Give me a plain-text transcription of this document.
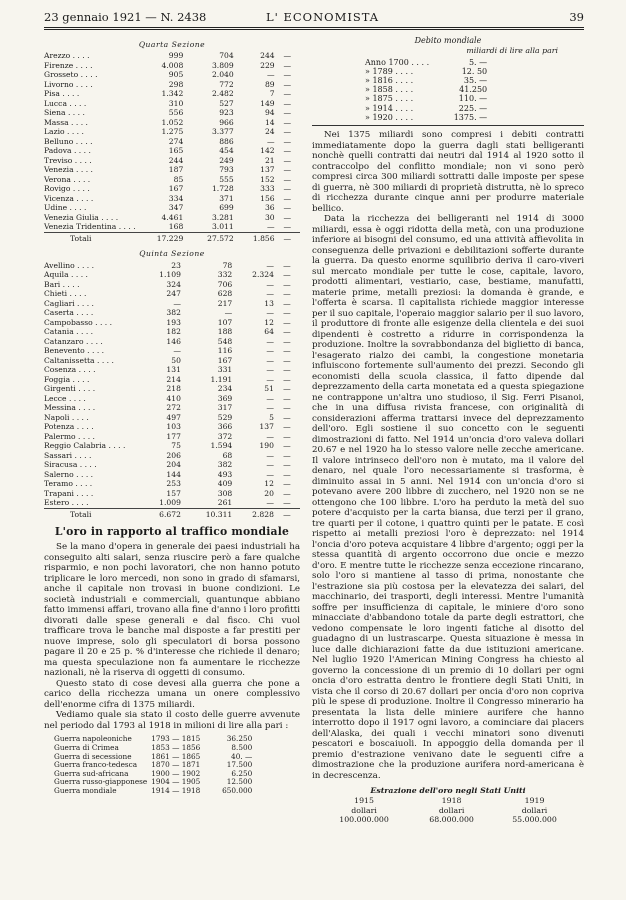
23 gennaio 1921 — N. 2438	L' ECONOMISTA	39
Quarta Sezione
Arezzo . . . .	999	704	244	—
Firenze . . . .	4.008	3.809	229	—
Grosseto . . . .	905	2.040	—	—
Livorno . . . .	298	772	89	—
Pisa . . . .	1.342	2.482	7	—
Lucca . . . .	310	527	149	—
Siena . . . .	556	923	94	—
Massa . . . .	1.052	966	14	—
Lazio . . . .	1.275	3.377	24	—
Belluno . . . .	274	886	—	—
Padova . . . .	165	454	142	—
Treviso . . . .	244	249	21	—
Venezia . . . .	187	793	137	—
Verona . . . .	85	555	152	—
Rovigo . . . .	167	1.728	333	—
Vicenza . . . .	334	371	156	—
Udine . . . .	347	699	36	—
Venezia Giulia . . . .	4.461	3.281	30	—
Venezia Tridentina . . . .	168	3.011	—	—
Totali	17.229	27.572	1.856	—
Quinta Sezione
Avellino . . . .	23	78	—	—
Aquila . . . .	1.109	332	2.324	—
Bari . . . .	324	706	—	—
Chieti . . . .	247	628	—	—
Cagliari . . . .	—	217	13	—
Caserta . . . .	382	—	—	—
Campobasso . . . .	193	107	12	—
Catania . . . .	182	188	64	—
Catanzaro . . . .	146	548	—	—
Benevento . . . .	—	116	—	—
Caltanissetta . . . .	50	167	—	—
Cosenza . . . .	131	331	—	—
Foggia . . . .	214	1.191	—	—
Girgenti . . . .	218	234	51	—
Lecce . . . .	410	369	—	—
Messina . . . .	272	317	—	—
Napoli . . . .	497	529	5	—
Potenza . . . .	103	366	137	—
Palermo . . . .	177	372	—	—
Reggio Calabria . . . .	75	1.594	190	—
Sassari . . . .	206	68	—	—
Siracusa . . . .	204	382	—	—
Salerno . . . .	144	493	—	—
Teramo . . . .	253	409	12	—
Trapani . . . .	157	308	20	—
Estero . . . .	1.009	261	—	—
Totali	6.672	10.311	2.828	—
L'oro in rapporto al traffico mondiale

Se la mano d'opera in generale dei paesi industriali ha conseguito alti salari, senza riuscire però a fare qualche risparmio, e non pochi lavoratori, che non hanno potuto triplicare le loro mercedi, non sono in grado di sfamarsi, anche il capitale non trovasi in buone condizioni. Le società industriali e commerciali, quantunque abbiano fatto immensi affari, trovano alla fine d'anno i loro profitti divorati dalle spese generali e dal fisco. Chi vuol trafficare trova le banche mal disposte a far prestiti per nuove imprese, solo gli speculatori di borsa possono pagare il 20 e 25 p. % d'interesse che richiede il denaro; ma questa speculazione non fa aumentare le ricchezze nazionali, nè la riserva di oggetti di consumo.

Questo stato di cose devesi alla guerra che pone a carico della ricchezza umana un onere complessivo dell'enorme cifra di 1375 miliardi.

Vediamo quale sia stato il costo delle guerre avvenute nel periodo dal 1793 al 1918 in milioni di lire alla pari :

Guerra napoleoniche	1793 — 1815	36.250
Guerra di Crimea	1853 — 1856	8.500
Guerra di secessione	1861 — 1865	40. —
Guerra franco-tedesca	1870 — 1871	17.500
Guerra sud-africana	1900 — 1902	6.250
Guerra russo-giapponese	1904 — 1905	12.500
Guerra mondiale	1914 — 1918	650.000
Debito mondiale
miliardi di lire alla pari
Anno 1700 . . . .	5. —
» 1789 . . . .	12. 50
» 1816 . . . .	35. —
» 1858 . . . .	41.250
» 1875 . . . .	110. —
» 1914 . . . .	225. —
» 1920 . . . .	1375. —

Nei 1375 miliardi sono compresi i debiti contratti immediatamente dopo la guerra dagli stati belligeranti nonchè quelli contratti dai neutri dal 1914 al 1920 sotto il contraccolpo del conflitto mondiale; non vi sono però compresi circa 300 miliardi sottratti dalle imposte per spese di guerra, nè 300 miliardi di proprietà distrutta, nè lo spreco di ricchezza durante cinque anni per produrre materiale bellico.

Data la ricchezza dei belligeranti nel 1914 di 3000 miliardi, essa è oggi ridotta della metà, con una produzione inferiore ai bisogni del consumo, ed una attività affievolita in conseguenza delle privazioni e debilitazioni sofferte durante la guerra. Da questo enorme squilibrio deriva il caro-viveri sul mercato mondiale per tutte le cose, capitale, lavoro, prodotti alimentari, vestiario, case, bestiame, manufatti, materie prime, metalli preziosi: la domanda è grande, e l'offerta è scarsa. Il capitalista richiede maggior interesse per il suo capitale, l'operaio maggior salario per il suo lavoro, il produttore di fronte alle esigenze della clientela e dei suoi dipendenti è costretto a ridurre in corrispondenza la produzione. Inoltre la sovrabbondanza del biglietto di banca, l'esagerato rialzo dei cambi, la congestione monetaria influiscono fortemente sull'aumento dei prezzi. Secondo gli economisti della scuola classica, il fatto dipende dal deprezzamento della carta monetata ed a questa spiegazione ne contrappone un'altra uno studioso, il Sig. Ferri Pisanoi, che in una diffusa rivista francese, con originalità di considerazioni afferma trattarsi invece del deprezzamento dell'oro. Egli sostiene il suo concetto con le seguenti dimostrazioni di fatto. Nel 1914 un'oncia d'oro valeva dollari 20.67 e nel 1920 ha lo stesso valore nelle zecche americane. Il valore intrinseco dell'oro non è mutato, ma il valore del denaro, nel quale l'oro necessariamente si trasforma, è diminuito assai in 5 anni. Nel 1914 con un'oncia d'oro si potevano avere 200 libbre di zucchero, nel 1920 non se ne ottengono che 100 libbre. L'oro ha perduto la metà del suo potere d'acquisto per la carta biansa, due terzi per il grano, tre quarti per il cotone, i quattro quinti per le patate. E così rispetto ai metalli preziosi l'oro è deprezzato: nel 1914 l'oncia d'oro poteva acquistare 4 libbre d'argento; oggi per la stessa quantità di argento occorrono due oncie e mezzo d'oro. E mentre tutte le ricchezze senza eccezione rincarano, solo l'oro si mantiene al tasso di prima, nonostante che l'estrazione sia più costosa per la elevatezza dei salari, del macchinario, dei trasporti, degli interessi. Mentre l'umanità soffre per insufficienza di capitale, le miniere d'oro sono minacciate d'abbandono totale da parte degli estrattori, che vedono compensate le loro ingenti fatiche al disotto del guadagno di un lustrascarpe. Questa situazione è messa in luce dalle dichiarazioni fatte da due istituzioni americane. Nel luglio 1920 l'American Mining Congress ha chiesto al governo la concessione di un premio di 10 dollari per ogni oncia d'oro estratta dentro le frontiere degli Stati Uniti, in vista che il corso di 20.67 dollari per oncia d'oro non copriva più le spese di produzione. Inoltre il Congresso minerario ha presentata la lista delle miniere aurifere che hanno interrotto dopo il 1917 ogni lavoro, a cominciare dai placers dell'Alaska, dei quali i vecchi minatori sono divenuti pescatori e boscaiuoli. In appoggio della domanda per il premio d'estrazione venivano date le seguenti cifre a dimostrazione che la produzione aurifera nord-americana è in decrescenza.

Estrazione dell'oro negli Stati Uniti
1915	1918	1919
dollari	dollari	dollari
100.000.000	68.000.000	55.000.000
